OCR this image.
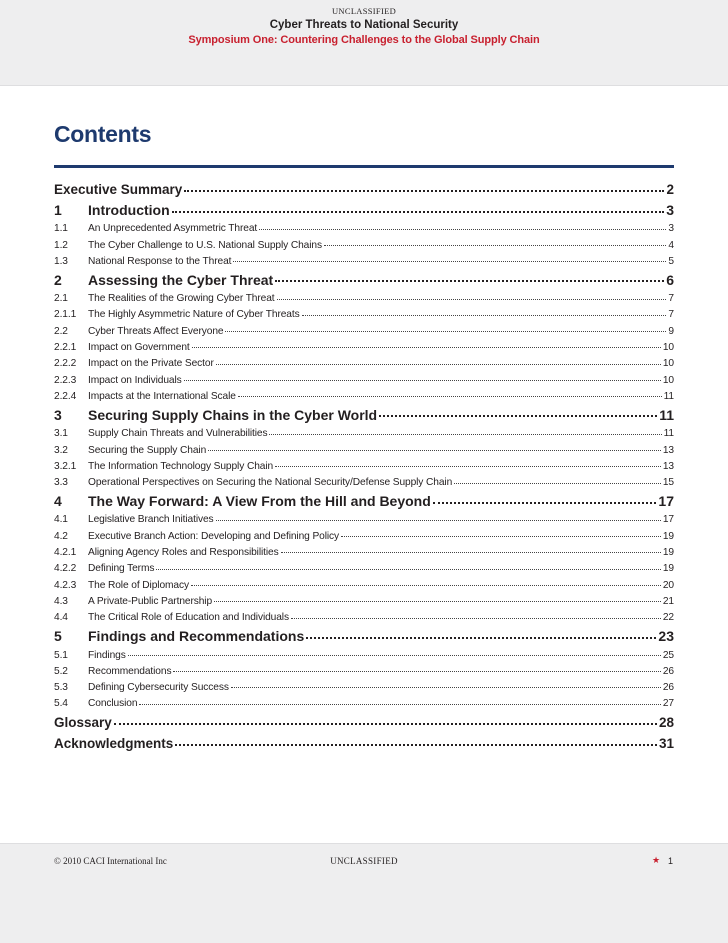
UNCLASSIFIED
Cyber Threats to National Security
Symposium One: Countering Challenges to the Global Supply Chain
Contents
Executive Summary	2
1	Introduction	3
1.1	An Unprecedented Asymmetric Threat	3
1.2	The Cyber Challenge to U.S. National Supply Chains	4
1.3	National Response to the Threat	5
2	Assessing the Cyber Threat	6
2.1	The Realities of the Growing Cyber Threat	7
2.1.1	The Highly Asymmetric Nature of Cyber Threats	7
2.2	Cyber Threats Affect Everyone	9
2.2.1	Impact on Government	10
2.2.2	Impact on the Private Sector	10
2.2.3	Impact on Individuals	10
2.2.4	Impacts at the International Scale	11
3	Securing Supply Chains in the Cyber World	11
3.1	Supply Chain Threats and Vulnerabilities	11
3.2	Securing the Supply Chain	13
3.2.1	The Information Technology Supply Chain	13
3.3	Operational Perspectives on Securing the National Security/Defense Supply Chain	15
4	The Way Forward: A View From the Hill and Beyond	17
4.1	Legislative Branch Initiatives	17
4.2	Executive Branch Action: Developing and Defining Policy	19
4.2.1	Aligning Agency Roles and Responsibilities	19
4.2.2	Defining Terms	19
4.2.3	The Role of Diplomacy	20
4.3	A Private-Public Partnership	21
4.4	The Critical Role of Education and Individuals	22
5	Findings and Recommendations	23
5.1	Findings	25
5.2	Recommendations	26
5.3	Defining Cybersecurity Success	26
5.4	Conclusion	27
Glossary	28
Acknowledgments	31
© 2010 CACI International Inc	UNCLASSIFIED	★ 1
